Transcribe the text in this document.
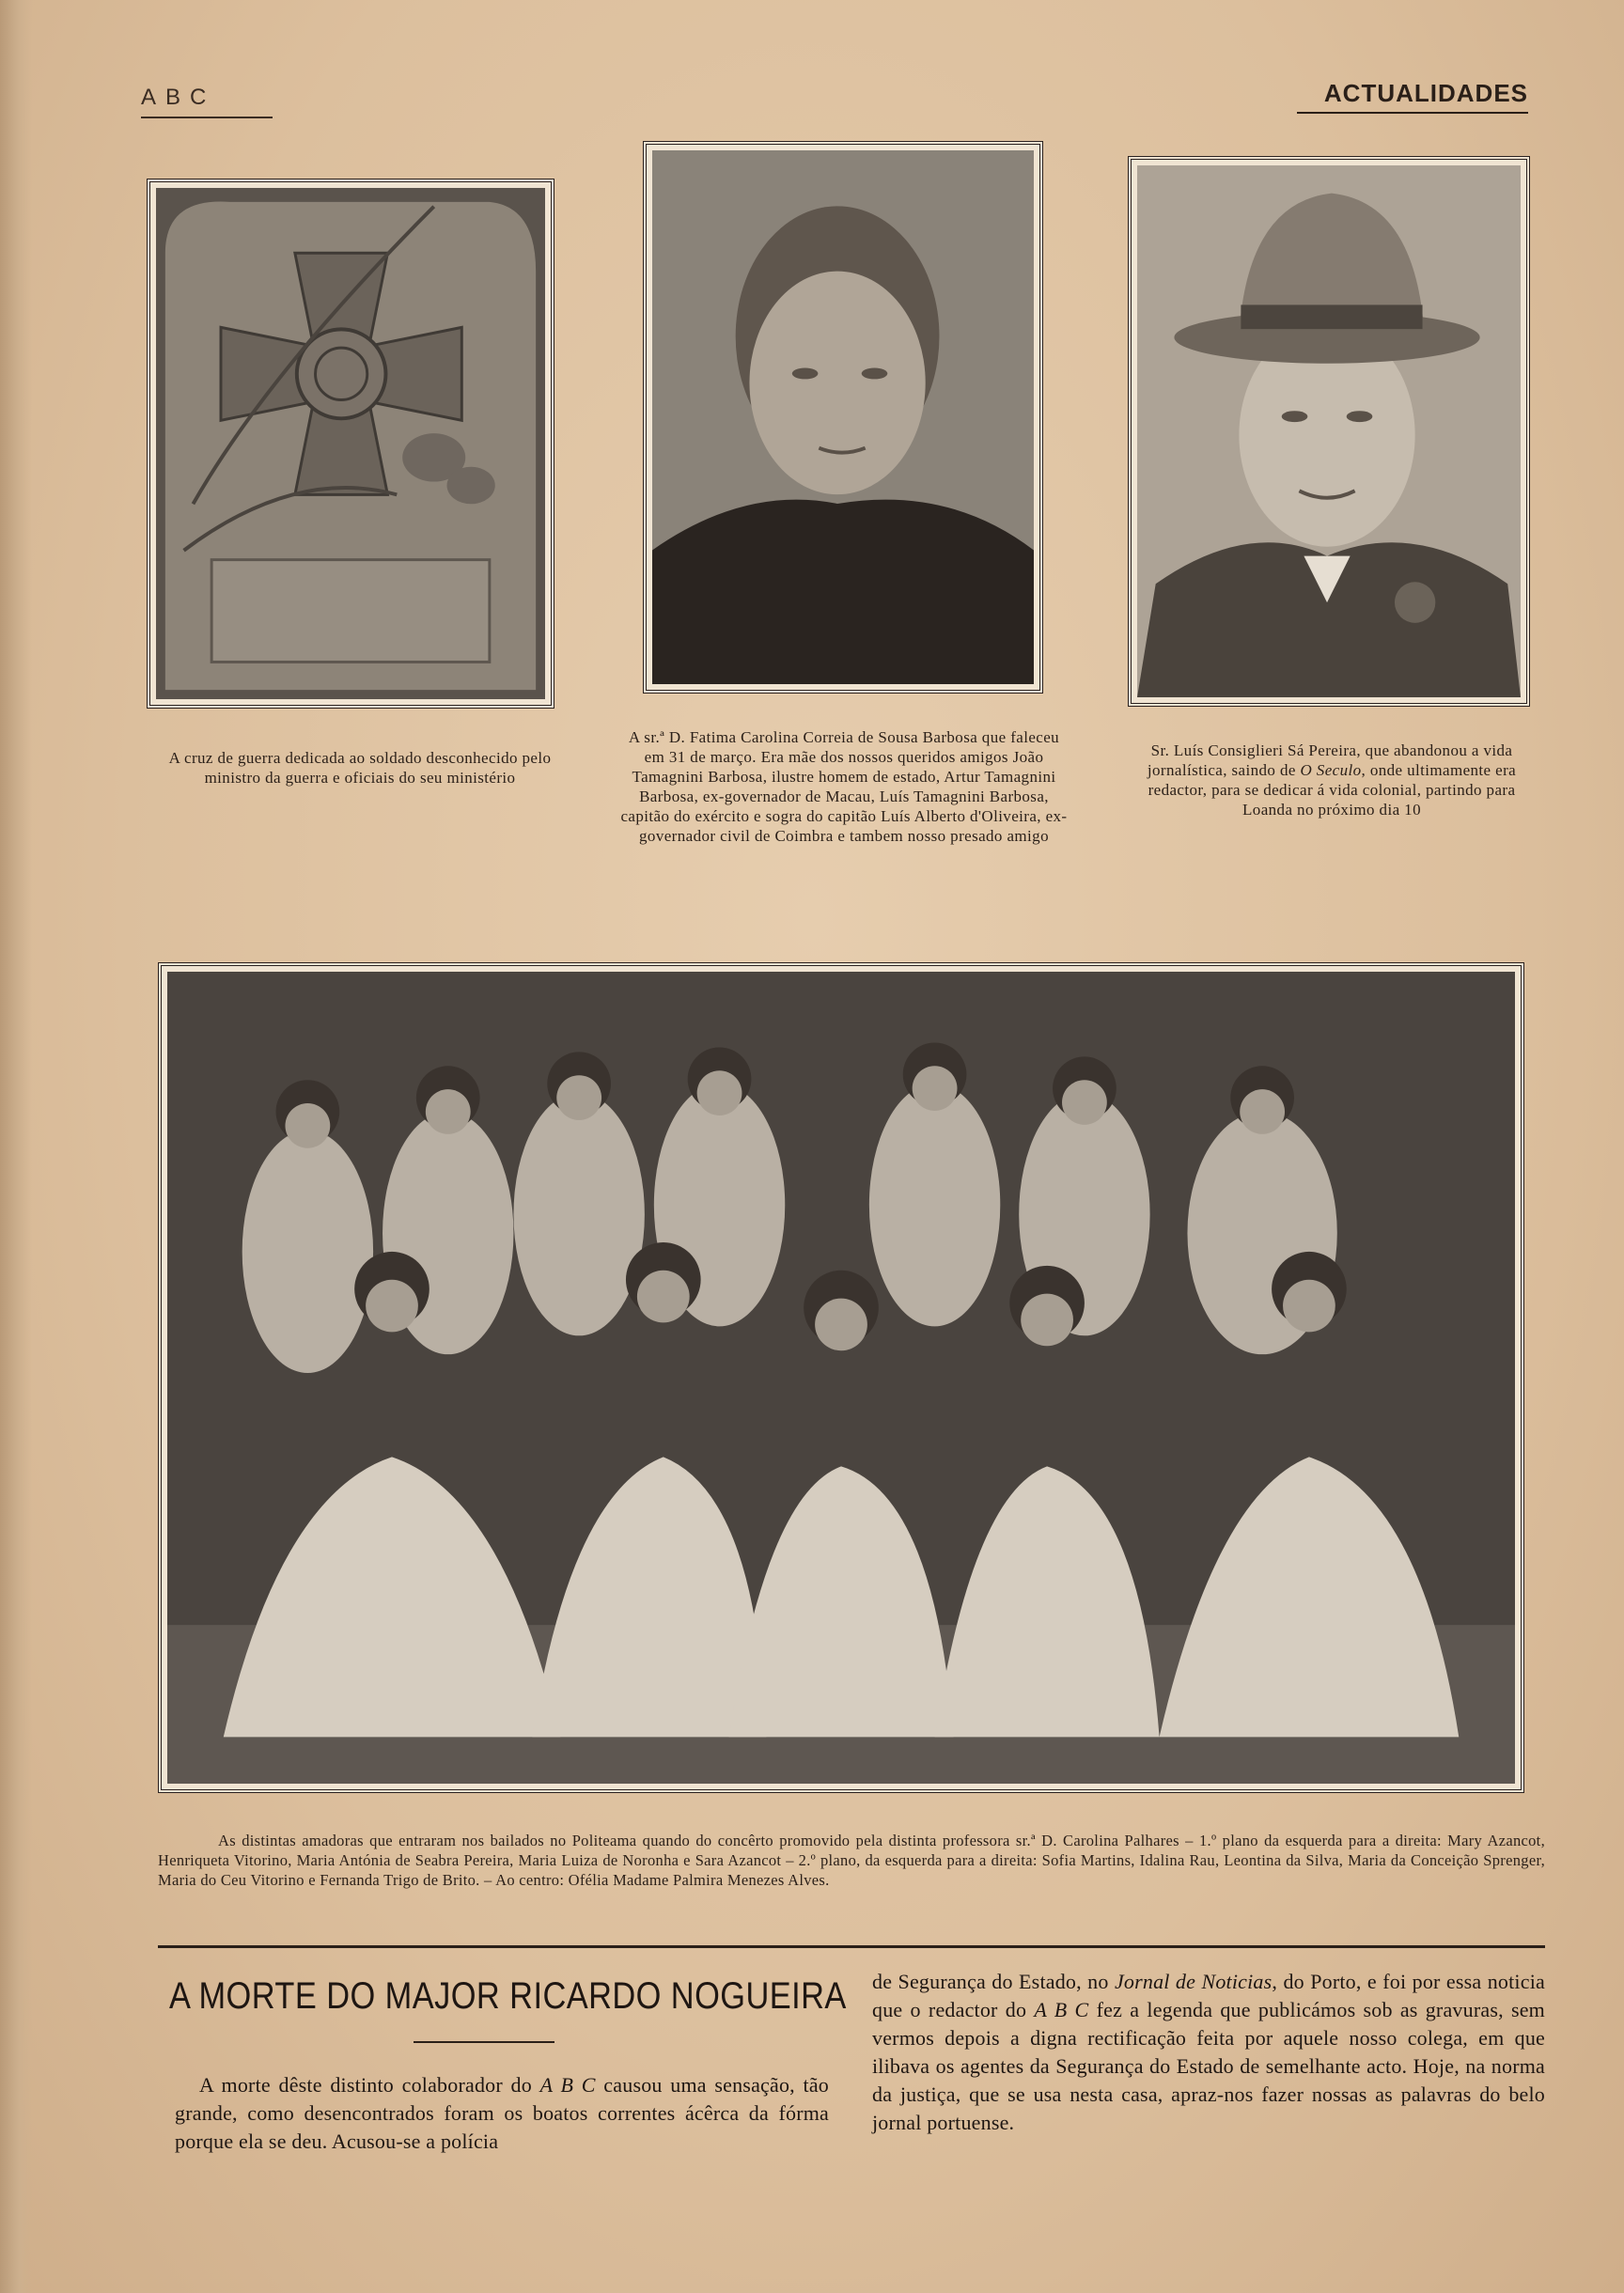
ABC	ACTUALIDADES
A cruz de guerra dedicada ao soldado desconhecido pelo ministro da guerra e oficiais do seu ministério
A sr.ª D. Fatima Carolina Correia de Sousa Barbosa que faleceu em 31 de março. Era mãe dos nossos queridos amigos João Tamagnini Barbosa, ilustre homem de estado, Artur Tamagnini Barbosa, ex-governador de Macau, Luís Tamagnini Barbosa, capitão do exército e sogra do capitão Luís Alberto d'Oliveira, ex-governador civil de Coimbra e tambem nosso presado amigo
Sr. Luís Consiglieri Sá Pereira, que abandonou a vida jornalística, saindo de O Seculo, onde ultimamente era redactor, para se dedicar á vida colonial, partindo para Loanda no próximo dia 10
As distintas amadoras que entraram nos bailados no Politeama quando do concêrto promovido pela distinta professora sr.ª D. Carolina Palhares – 1.º plano da esquerda para a direita: Mary Azancot, Henriqueta Vitorino, Maria Antónia de Seabra Pereira, Maria Luiza de Noronha e Sara Azancot – 2.º plano, da esquerda para a direita: Sofia Martins, Idalina Rau, Leontina da Silva, Maria da Conceição Sprenger, Maria do Ceu Vitorino e Fernanda Trigo de Brito. – Ao centro: Ofélia Madame Palmira Menezes Alves.
A MORTE DO MAJOR RICARDO NOGUEIRA

A morte dêste distinto colaborador do A B C causou uma sensação, tão grande, como desencontrados foram os boatos correntes ácêrca da fórma porque ela se deu. Acusou-se a polícia

de Segurança do Estado, no Jornal de Noticias, do Porto, e foi por essa noticia que o redactor do A B C fez a legenda que publicámos sob as gravuras, sem vermos depois a digna rectificação feita por aquele nosso colega, em que ilibava os agentes da Segurança do Estado de semelhante acto. Hoje, na norma da justiça, que se usa nesta casa, apraz-nos fazer nossas as palavras do belo jornal portuense.
